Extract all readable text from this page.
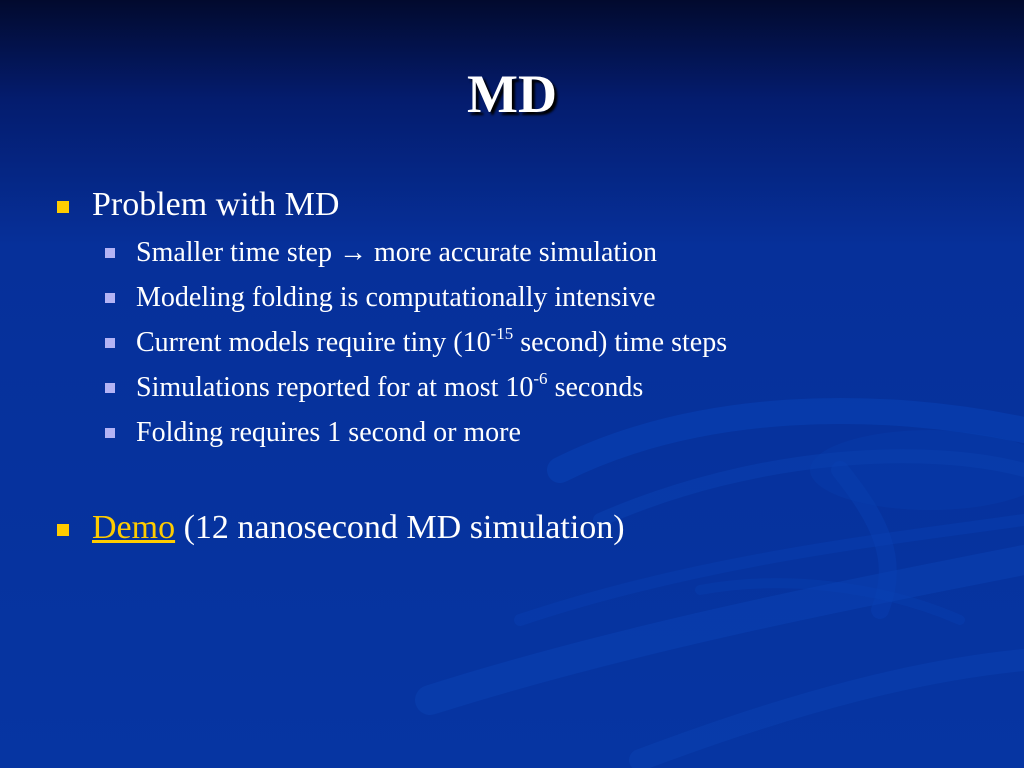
MD
Problem with MD
Smaller time step → more accurate simulation
Modeling folding is computationally intensive
Current models require tiny ($10^{-15}$ second) time steps
Simulations reported for at most $10^{-6}$ seconds
Folding requires 1 second or more
Demo (12 nanosecond MD simulation)
